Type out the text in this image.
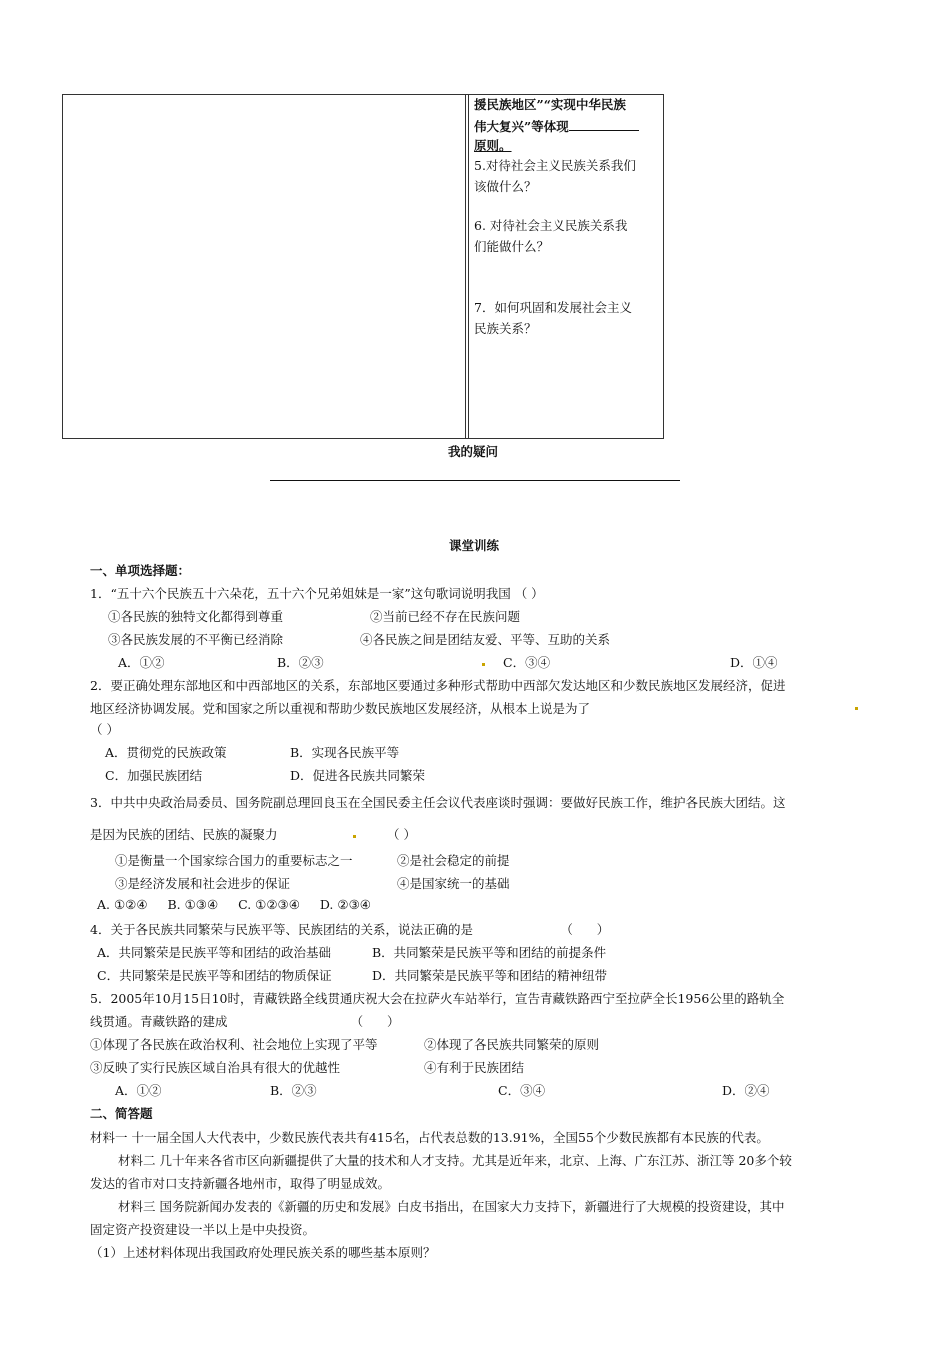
援民族地区”“实现中华民族
伟大复兴”等体现
原则。
5.对待社会主义民族关系我们
该做什么？
6. 对待社会主义民族关系我
们能做什么？
7．如何巩固和发展社会主义
民族关系？
我的疑问
课堂训练
一、单项选择题：
1．“五十六个民族五十六朵花，五十六个兄弟姐妹是一家”这句歌词说明我国 （ ）
①各民族的独特文化都得到尊重	②当前已经不存在民族问题
③各民族发展的不平衡已经消除	④各民族之间是团结友爱、平等、互助的关系
A．①②	B．②③	C．③④	D．①④
2．要正确处理东部地区和中西部地区的关系，东部地区要通过多种形式帮助中西部欠发达地区和少数民族地区发展经济，促进
地区经济协调发展。党和国家之所以重视和帮助少数民族地区发展经济，从根本上说是为了
（ ）
A．贯彻党的民族政策	B．实现各民族平等
C．加强民族团结	D．促进各民族共同繁荣
3．中共中央政治局委员、国务院副总理回良玉在全国民委主任会议代表座谈时强调：要做好民族工作，维护各民族大团结。这
是因为民族的团结、民族的凝聚力	（ ）
①是衡量一个国家综合国力的重要标志之一	②是社会稳定的前提
③是经济发展和社会进步的保证	④是国家统一的基础
A. ①②④     B. ①③④     C. ①②③④     D. ②③④
4．关于各民族共同繁荣与民族平等、民族团结的关系，说法正确的是                      （      ）
A．共同繁荣是民族平等和团结的政治基础	B．共同繁荣是民族平等和团结的前提条件
C．共同繁荣是民族平等和团结的物质保证	D．共同繁荣是民族平等和团结的精神纽带
5．2005年10月15日10时，青藏铁路全线贯通庆祝大会在拉萨火车站举行，宣告青藏铁路西宁至拉萨全长1956公里的路轨全
线贯通。青藏铁路的建成                               （      ）
①体现了各民族在政治权利、社会地位上实现了平等	②体现了各民族共同繁荣的原则
③反映了实行民族区域自治具有很大的优越性	④有利于民族团结
A．①②	B．②③	C．③④	D．②④
二、简答题
材料一 十一届全国人大代表中，少数民族代表共有415名，占代表总数的13.91%，全国55个少数民族都有本民族的代表。
材料二 几十年来各省市区向新疆提供了大量的技术和人才支持。尤其是近年来，北京、上海、广东江苏、浙江等 20多个较
发达的省市对口支持新疆各地州市，取得了明显成效。
材料三 国务院新闻办发表的《新疆的历史和发展》白皮书指出，在国家大力支持下，新疆进行了大规模的投资建设，其中
固定资产投资建设一半以上是中央投资。
（1）上述材料体现出我国政府处理民族关系的哪些基本原则？
